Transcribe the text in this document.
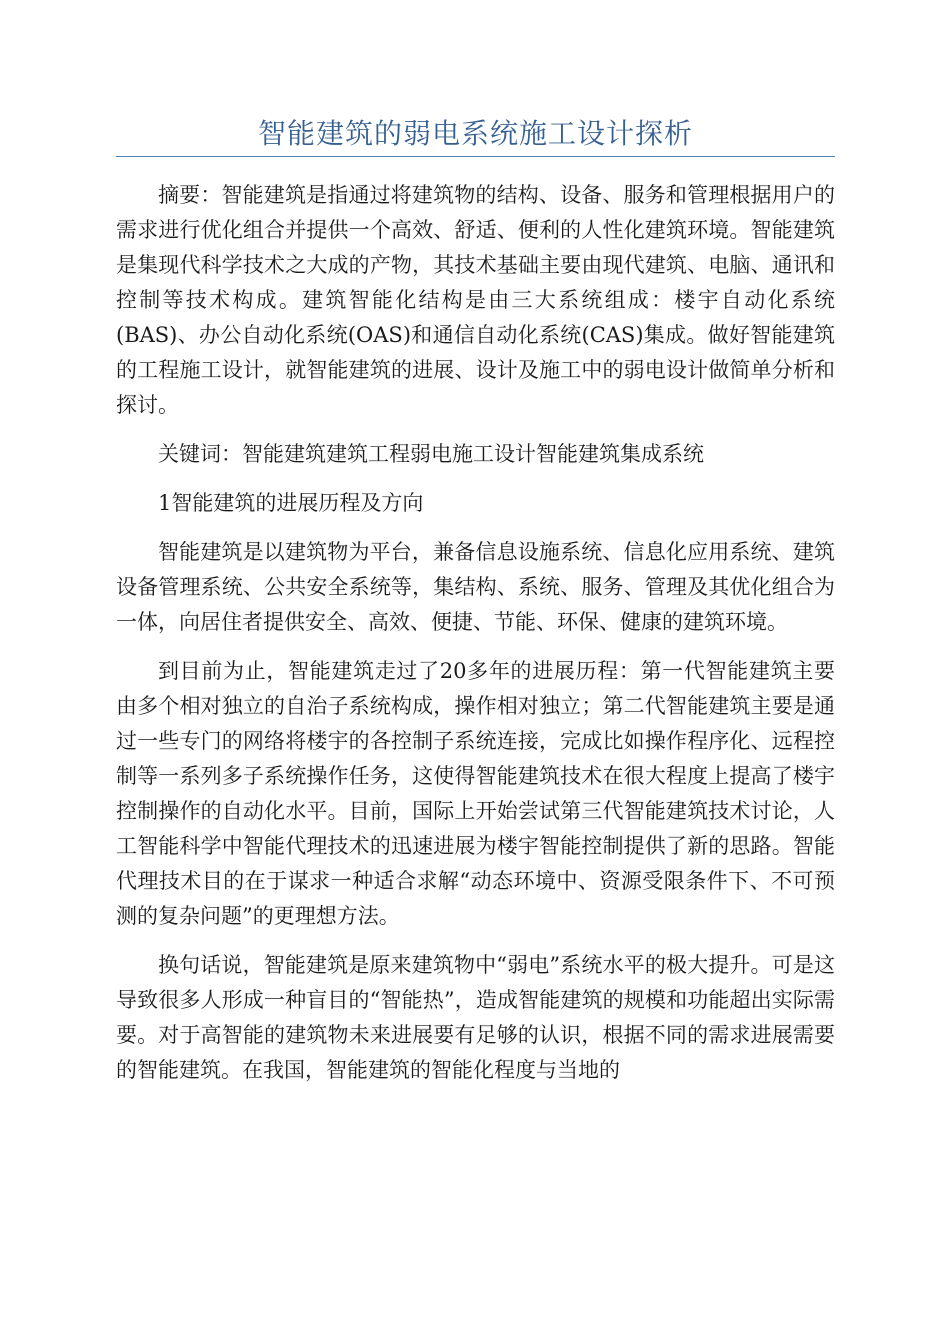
智能建筑的弱电系统施工设计探析

摘要：智能建筑是指通过将建筑物的结构、设备、服务和管理根据用户的需求进行优化组合并提供一个高效、舒适、便利的人性化建筑环境。智能建筑是集现代科学技术之大成的产物，其技术基础主要由现代建筑、电脑、通讯和控制等技术构成。建筑智能化结构是由三大系统组成：楼宇自动化系统(BAS)、办公自动化系统(OAS)和通信自动化系统(CAS)集成。做好智能建筑的工程施工设计，就智能建筑的进展、设计及施工中的弱电设计做简单分析和探讨。

关键词：智能建筑建筑工程弱电施工设计智能建筑集成系统

1智能建筑的进展历程及方向

智能建筑是以建筑物为平台，兼备信息设施系统、信息化应用系统、建筑设备管理系统、公共安全系统等，集结构、系统、服务、管理及其优化组合为一体，向居住者提供安全、高效、便捷、节能、环保、健康的建筑环境。

到目前为止，智能建筑走过了20多年的进展历程：第一代智能建筑主要由多个相对独立的自治子系统构成，操作相对独立；第二代智能建筑主要是通过一些专门的网络将楼宇的各控制子系统连接，完成比如操作程序化、远程控制等一系列多子系统操作任务，这使得智能建筑技术在很大程度上提高了楼宇控制操作的自动化水平。目前，国际上开始尝试第三代智能建筑技术讨论，人工智能科学中智能代理技术的迅速进展为楼宇智能控制提供了新的思路。智能代理技术目的在于谋求一种适合求解“动态环境中、资源受限条件下、不可预测的复杂问题”的更理想方法。

换句话说，智能建筑是原来建筑物中“弱电”系统水平的极大提升。可是这导致很多人形成一种盲目的“智能热”，造成智能建筑的规模和功能超出实际需要。对于高智能的建筑物未来进展要有足够的认识，根据不同的需求进展需要的智能建筑。在我国，智能建筑的智能化程度与当地的
